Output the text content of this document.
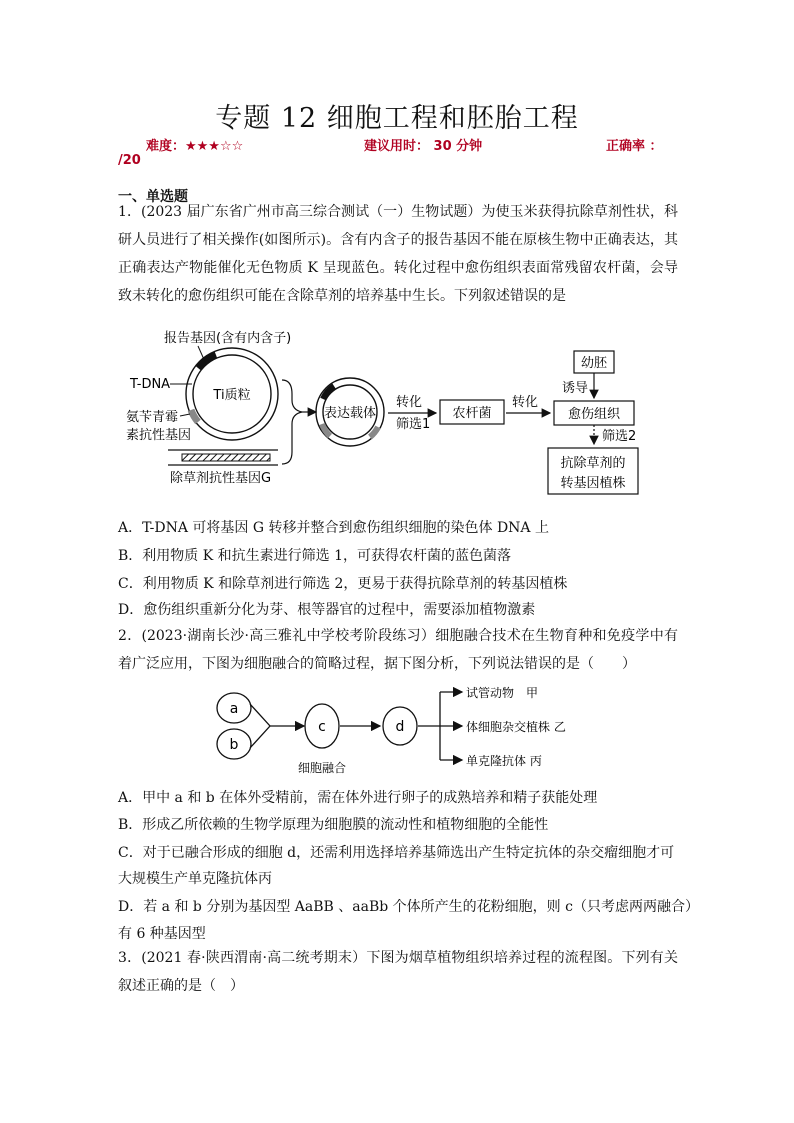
专题 12 细胞工程和胚胎工程
难度：★★★☆☆	建议用时： 30 分钟	正确率 ：
/20
一、单选题
1．(2023 届广东省广州市高三综合测试（一）生物试题）为使玉米获得抗除草剂性状，科研人员进行了相关操作(如图所示)。含有内含子的报告基因不能在原核生物中正确表达，其正确表达产物能催化无色物质 K 呈现蓝色。转化过程中愈伤组织表面常残留农杆菌，会导致未转化的愈伤组织可能在含除草剂的培养基中生长。下列叙述错误的是
Ti质粒
报告基因(含有内含子)
T-DNA
氨苄青霉
素抗性基因
除草剂抗性基因G
表达载体
转化
筛选1
农杆菌
转化
幼胚
诱导
愈伤组织
筛选2
抗除草剂的
转基因植株
A．T-DNA 可将基因 G 转移并整合到愈伤组织细胞的染色体 DNA 上
B．利用物质 K 和抗生素进行筛选 1，可获得农杆菌的蓝色菌落
C．利用物质 K 和除草剂进行筛选 2，更易于获得抗除草剂的转基因植株
D．愈伤组织重新分化为芽、根等器官的过程中，需要添加植物激素
2．(2023·湖南长沙·高三雅礼中学校考阶段练习）细胞融合技术在生物育种和免疫学中有着广泛应用，下图为细胞融合的简略过程，据下图分析，下列说法错误的是（　　）
a
b
c
细胞融合
d
试管动物　甲
体细胞杂交植株 乙
单克隆抗体 丙
A．甲中 a 和 b 在体外受精前，需在体外进行卵子的成熟培养和精子获能处理
B．形成乙所依赖的生物学原理为细胞膜的流动性和植物细胞的全能性
C．对于已融合形成的细胞 d，还需利用选择培养基筛选出产生特定抗体的杂交瘤细胞才可
大规模生产单克隆抗体丙
D．若 a 和 b 分别为基因型 AaBB 、aaBb 个体所产生的花粉细胞，则 c（只考虑两两融合）
有 6 种基因型
3．(2021 春·陕西渭南·高二统考期末）下图为烟草植物组织培养过程的流程图。下列有关叙述正确的是（　）
